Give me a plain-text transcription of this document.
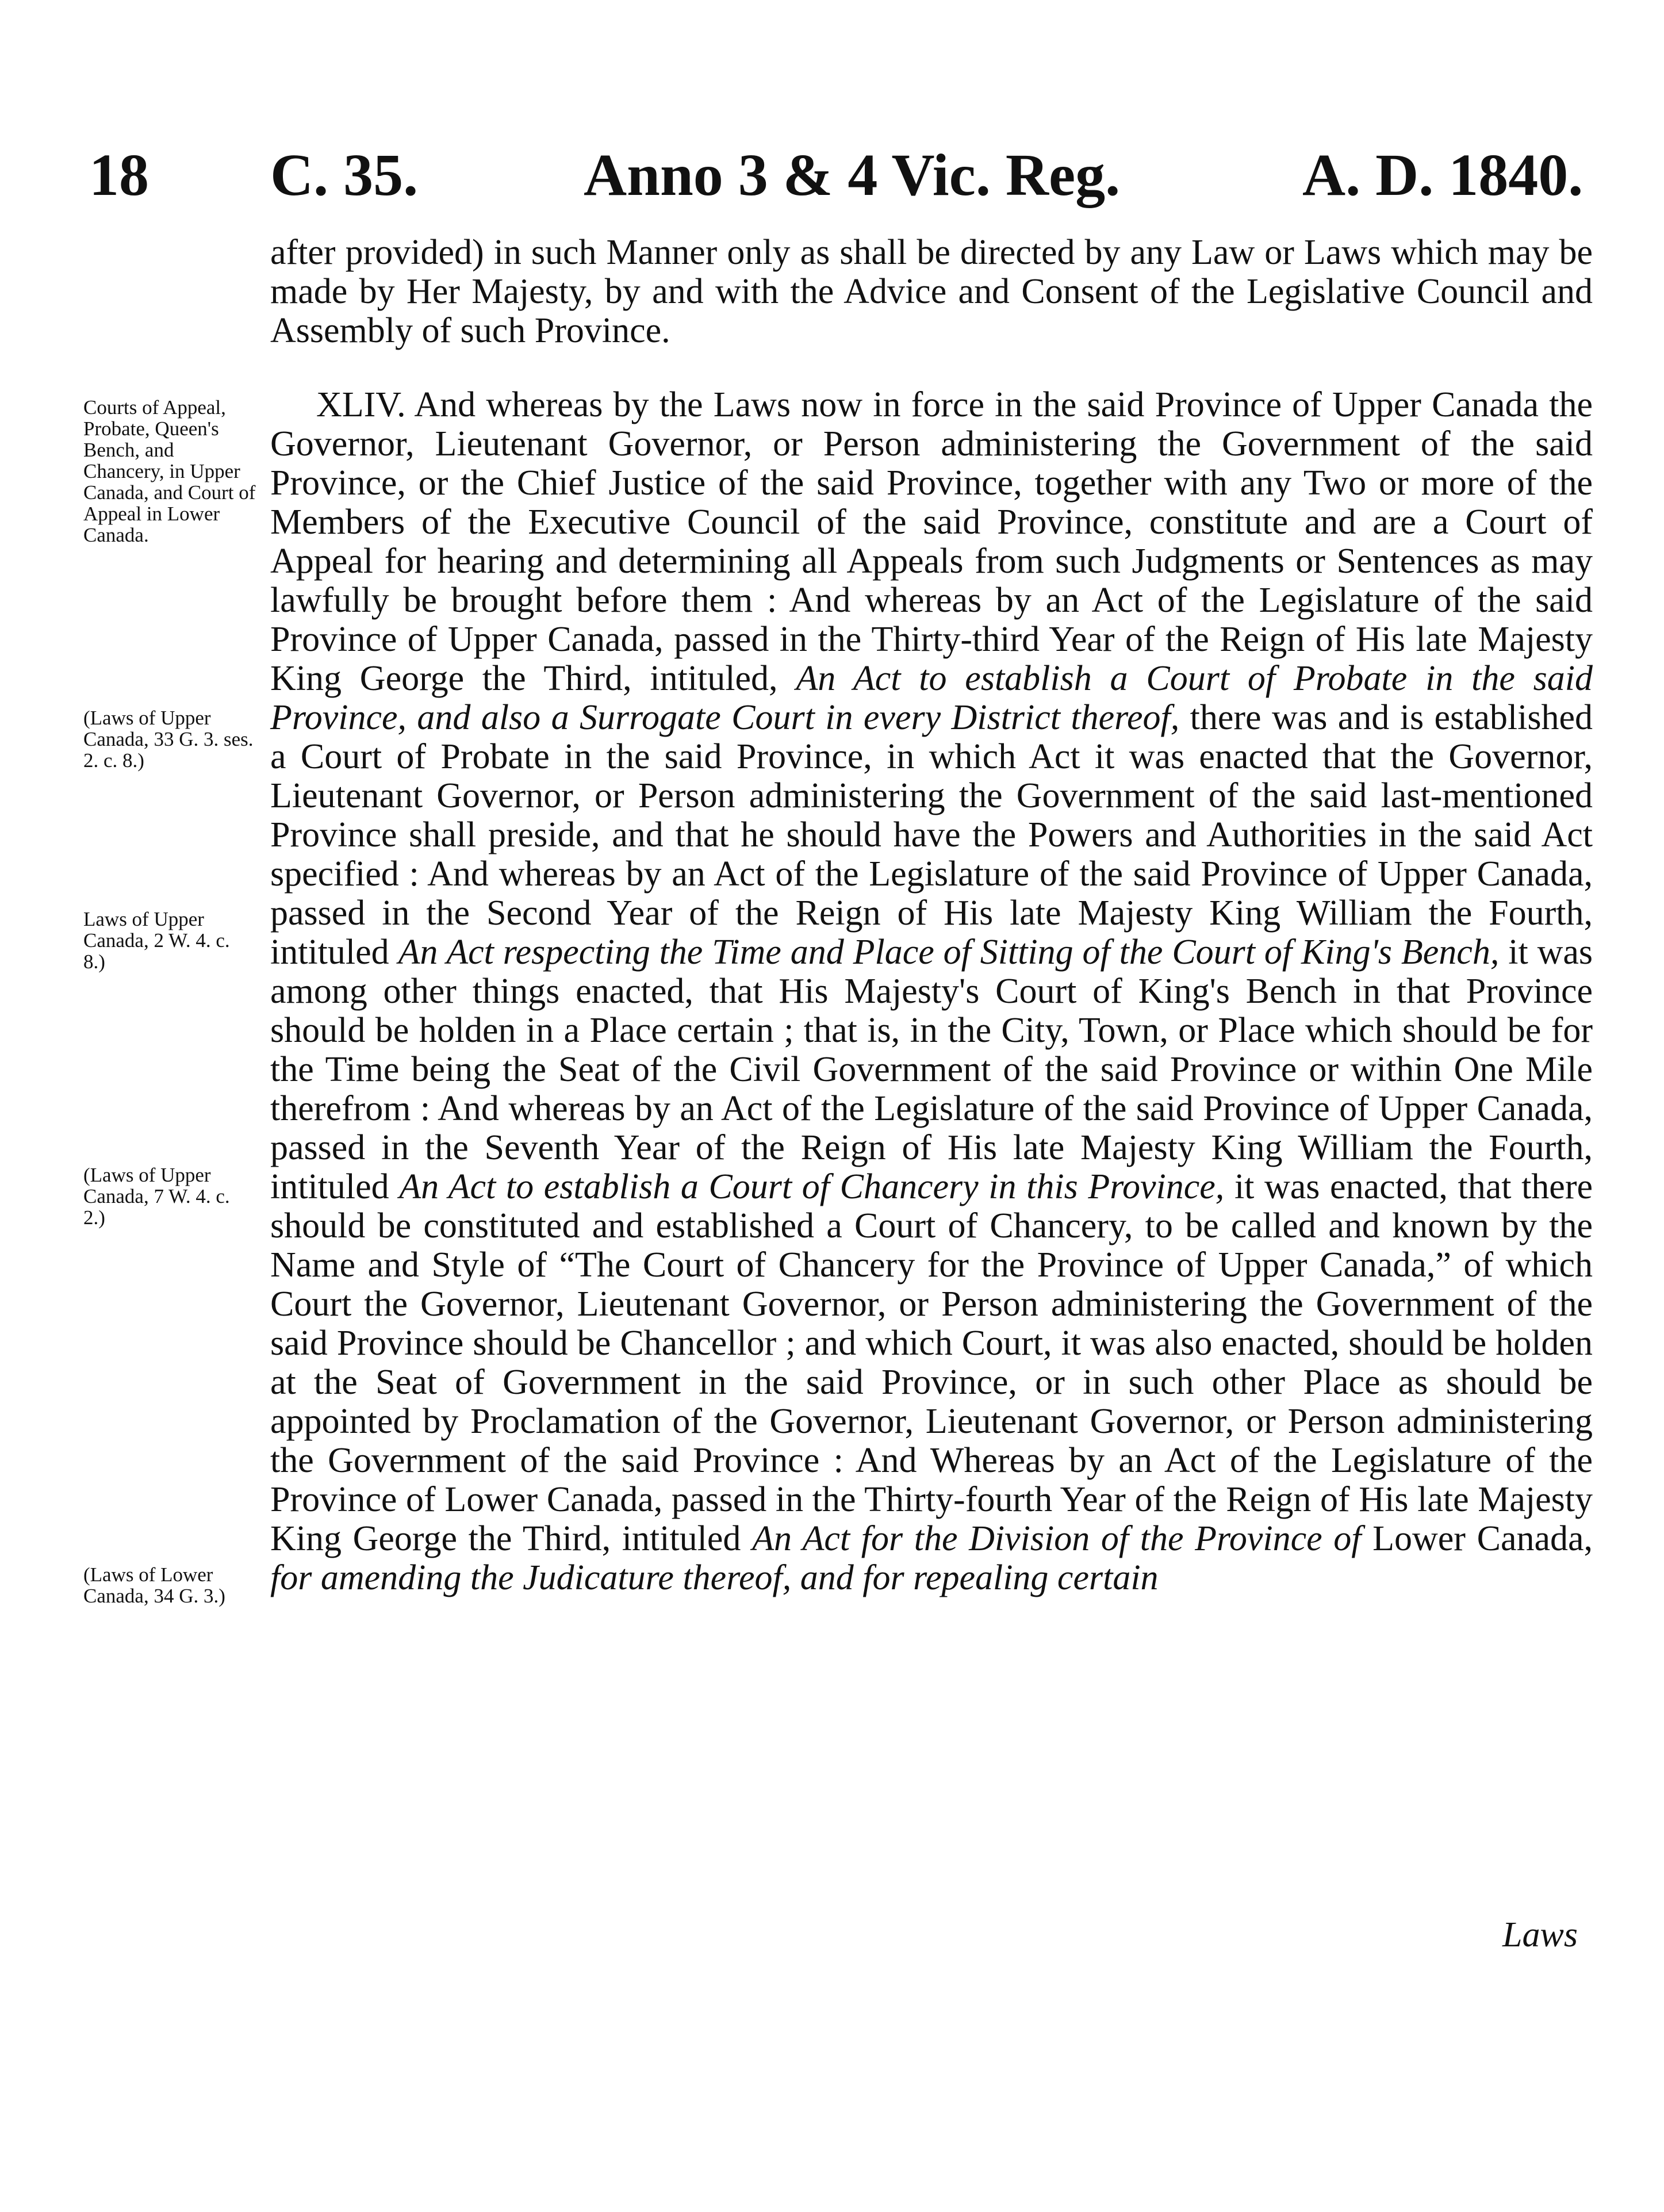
18 C. 35.	Anno 3 & 4 Vic. Reg.	A. D. 1840.

after provided) in such Manner only as shall be directed by any Law or Laws which may be made by Her Majesty, by and with the Advice and Consent of the Legislative Council and Assembly of such Province.

XLIV. And whereas by the Laws now in force in the said Province of Upper Canada the Governor, Lieutenant Governor, or Person administering the Government of the said Province, or the Chief Justice of the said Province, together with any Two or more of the Members of the Executive Council of the said Province, constitute and are a Court of Appeal for hearing and determining all Appeals from such Judgments or Sentences as may lawfully be brought before them : And whereas by an Act of the Legislature of the said Province of Upper Canada, passed in the Thirty-third Year of the Reign of His late Majesty King George the Third, intituled, An Act to establish a Court of Probate in the said Province, and also a Surrogate Court in every District thereof, there was and is established a Court of Probate in the said Province, in which Act it was enacted that the Governor, Lieutenant Governor, or Person administering the Government of the said last-mentioned Province shall preside, and that he should have the Powers and Authorities in the said Act specified : And whereas by an Act of the Legislature of the said Province of Upper Canada, passed in the Second Year of the Reign of His late Majesty King William the Fourth, intituled An Act respecting the Time and Place of Sitting of the Court of King's Bench, it was among other things enacted, that His Majesty's Court of King's Bench in that Province should be holden in a Place certain ; that is, in the City, Town, or Place which should be for the Time being the Seat of the Civil Government of the said Province or within One Mile therefrom : And whereas by an Act of the Legislature of the said Province of Upper Canada, passed in the Seventh Year of the Reign of His late Majesty King William the Fourth, intituled An Act to establish a Court of Chancery in this Province, it was enacted, that there should be constituted and established a Court of Chancery, to be called and known by the Name and Style of “The Court of Chancery for the Province of Upper Canada,” of which Court the Governor, Lieutenant Governor, or Person administering the Government of the said Province should be Chancellor ; and which Court, it was also enacted, should be holden at the Seat of Government in the said Province, or in such other Place as should be appointed by Proclamation of the Governor, Lieutenant Governor, or Person administering the Government of the said Province : And Whereas by an Act of the Legislature of the Province of Lower Canada, passed in the Thirty-fourth Year of the Reign of His late Majesty King George the Third, intituled An Act for the Division of the Province of Lower Canada, for amending the Judicature thereof, and for repealing certain

Laws
Courts of Appeal, Probate, Queen's Bench, and Chancery, in Upper Canada, and Court of Appeal in Lower Canada.
(Laws of Upper Canada, 33 G. 3. ses. 2. c. 8.)
Laws of Upper Canada, 2 W. 4. c. 8.)
(Laws of Upper Canada, 7 W. 4. c. 2.)
(Laws of Lower Canada, 34 G. 3.)
